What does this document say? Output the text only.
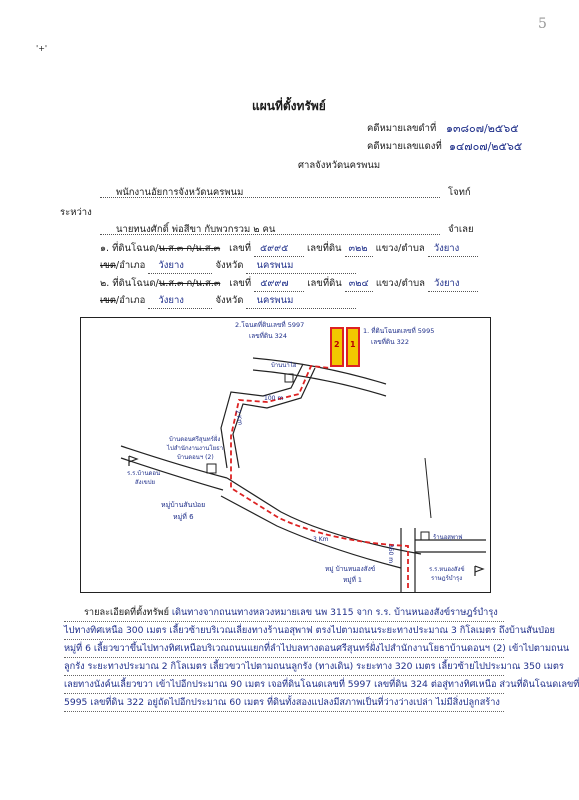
5
'+'
แผนที่ตั้งทรัพย์
คดีหมายเลขดำที่ ๑๓๘๐๗/๒๕๖๕
คดีหมายเลขแดงที่ ๑๔๗๐๗/๒๕๖๕
ศาลจังหวัดนครพนม
พนักงานอัยการจังหวัดนครพนม	โจทก์
ระหว่าง
นายทนงศักดิ์ พ่อสีขา กับพวกรวม ๒ คน	จำเลย
๑. ที่ดินโฉนด/น.ส.๓ ก/น.ส.๓ เลขที่ ๕๙๙๕ เลขที่ดิน ๓๒๒ แขวง/ตำบล วังยาง
เขต/อำเภอ วังยาง	จังหวัด นครพนม
๒. ที่ดินโฉนด/น.ส.๓ ก/น.ส.๓ เลขที่ ๕๙๙๗ เลขที่ดิน ๓๒๔ แขวง/ตำบล วังยาง
เขต/อำเภอ วังยาง	จังหวัด นครพนม
2 1
2.โฉนดที่ดินเลขที่ 5997
เลขที่ดิน 324
1. ที่ดินโฉนดเลขที่ 5995
เลขที่ดิน 322
บ้านนาไฮ
100 m
2 Km
บ้านดอนศรีสุนทร์ฝั่ง
ไปสำนักงานงานโยธา
บ้านดอนฯ (2)
ร.ร.บ้านดอน
สังเขปย
หมู่บ้านสันป่อย
หมู่ที่ 6
3 Km
360 m
ร้านอสุพาฟ
หมู่ บ้านหนองสังข์
หมู่ที่ 1
ร.ร.หนองสังข์
ราษฎร์บำรุง
รายละเอียดที่ตั้งทรัพย์ เดินทางจากถนนทางหลวงหมายเลข นพ 3115 จาก ร.ร. บ้านหนองสังข์ราษฎร์บำรุง
ไปทางทิศเหนือ 300 เมตร เลี้ยวซ้ายบริเวณเลี่ยงทางร้านอสุพาฟ ตรงไปตามถนนระยะทางประมาณ 3 กิโลเมตร ถึงบ้านสันป่อย
หมู่ที่ 6 เลี้ยวขวาขึ้นไปทางทิศเหนือบริเวณถนนแยกที่ลำไปบลทางดอนศรีสุนทร์ฝั่งไปสำนักงานโยธาบ้านดอนฯ (2) เข้าไปตามถนน
ลูกรัง ระยะทางประมาณ 2 กิโลเมตร เลี้ยวขวาไปตามถนนลูกรัง (ทางเดิน) ระยะทาง 320 เมตร เลี้ยวซ้ายไปประมาณ 350 เมตร
เลยทางนังค์นเลี้ยวขวา เข้าไปอีกประมาณ 90 เมตร เจอที่ดินโฉนดเลขที่ 5997 เลขที่ดิน 324 ต่อสู่ทางทิศเหนือ ส่วนที่ดินโฉนดเลขที่
5995 เลขที่ดิน 322 อยู่ถัดไปอีกประมาณ 60 เมตร ที่ดินทั้งสองแปลงมีสภาพเป็นที่ว่างว่างเปล่า ไม่มีสิ่งปลูกสร้าง
